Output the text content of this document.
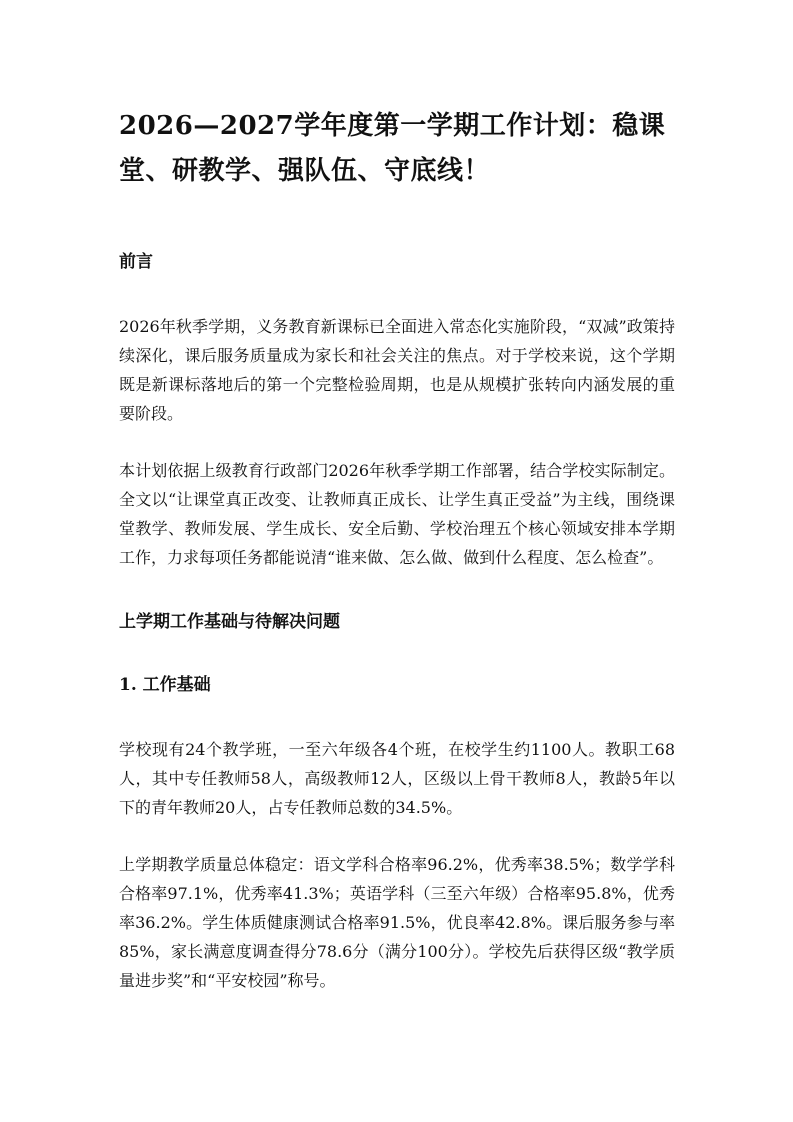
2026—2027学年度第一学期工作计划：稳课堂、研教学、强队伍、守底线！
前言

2026年秋季学期，义务教育新课标已全面进入常态化实施阶段，“双减”政策持续深化，课后服务质量成为家长和社会关注的焦点。对于学校来说，这个学期既是新课标落地后的第一个完整检验周期，也是从规模扩张转向内涵发展的重要阶段。

本计划依据上级教育行政部门2026年秋季学期工作部署，结合学校实际制定。全文以“让课堂真正改变、让教师真正成长、让学生真正受益”为主线，围绕课堂教学、教师发展、学生成长、安全后勤、学校治理五个核心领域安排本学期工作，力求每项任务都能说清“谁来做、怎么做、做到什么程度、怎么检查”。

上学期工作基础与待解决问题
1. 工作基础

学校现有24个教学班，一至六年级各4个班，在校学生约1100人。教职工68人，其中专任教师58人，高级教师12人，区级以上骨干教师8人，教龄5年以下的青年教师20人，占专任教师总数的34.5%。

上学期教学质量总体稳定：语文学科合格率96.2%，优秀率38.5%；数学学科合格率97.1%，优秀率41.3%；英语学科（三至六年级）合格率95.8%，优秀率36.2%。学生体质健康测试合格率91.5%，优良率42.8%。课后服务参与率85%，家长满意度调查得分78.6分（满分100分）。学校先后获得区级“教学质量进步奖”和“平安校园”称号。
